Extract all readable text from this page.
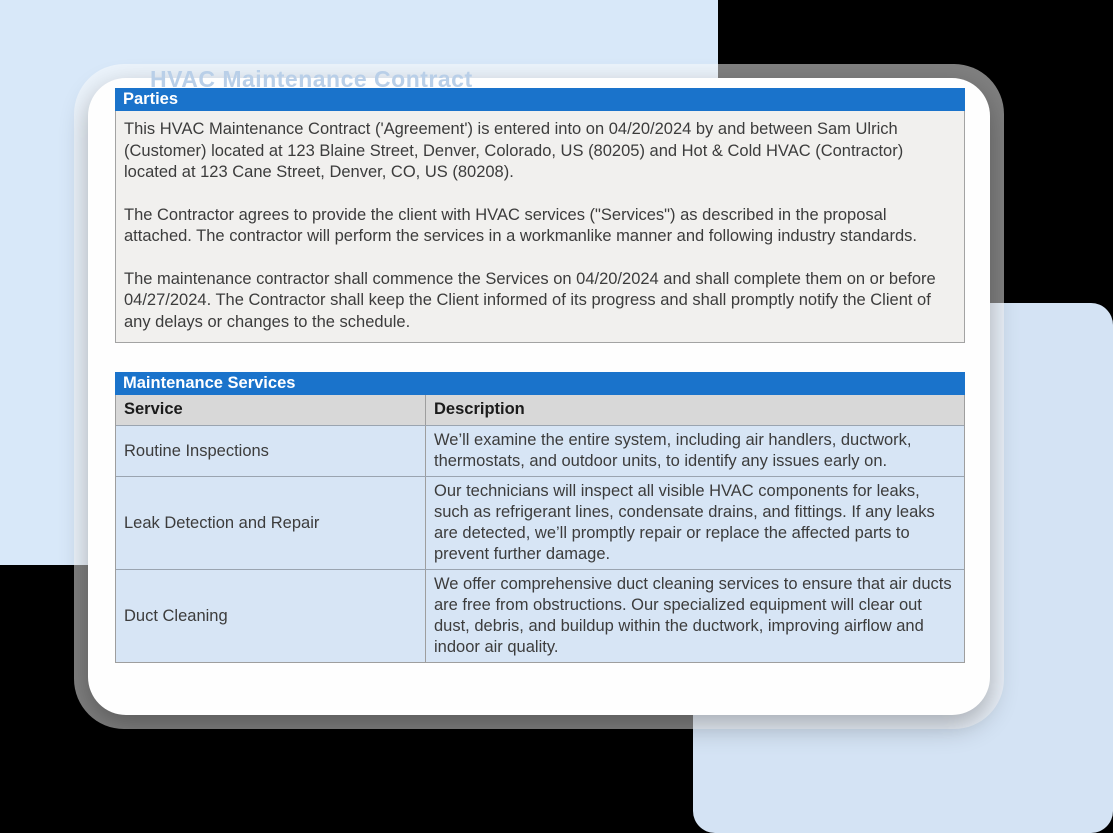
HVAC Maintenance Contract
Parties

This HVAC Maintenance Contract ('Agreement') is entered into on 04/20/2024 by and between Sam Ulrich (Customer) located at 123 Blaine Street, Denver, Colorado, US (80205) and Hot & Cold HVAC (Contractor) located at 123 Cane Street, Denver, CO, US (80208).

The Contractor agrees to provide the client with HVAC services ("Services") as described in the proposal attached. The contractor will perform the services in a workmanlike manner and following industry standards.

The maintenance contractor shall commence the Services on 04/20/2024 and shall complete them on or before 04/27/2024. The Contractor shall keep the Client informed of its progress and shall promptly notify the Client of any delays or changes to the schedule.

Maintenance Services
Service	Description
Routine Inspections
We’ll examine the entire system, including air handlers, ductwork, thermostats, and outdoor units, to identify any issues early on.
Leak Detection and Repair
Our technicians will inspect all visible HVAC components for leaks, such as refrigerant lines, condensate drains, and fittings. If any leaks are detected, we’ll promptly repair or replace the affected parts to prevent further damage.
Duct Cleaning
We offer comprehensive duct cleaning services to ensure that air ducts are free from obstructions. Our specialized equipment will clear out dust, debris, and buildup within the ductwork, improving airflow and indoor air quality.
